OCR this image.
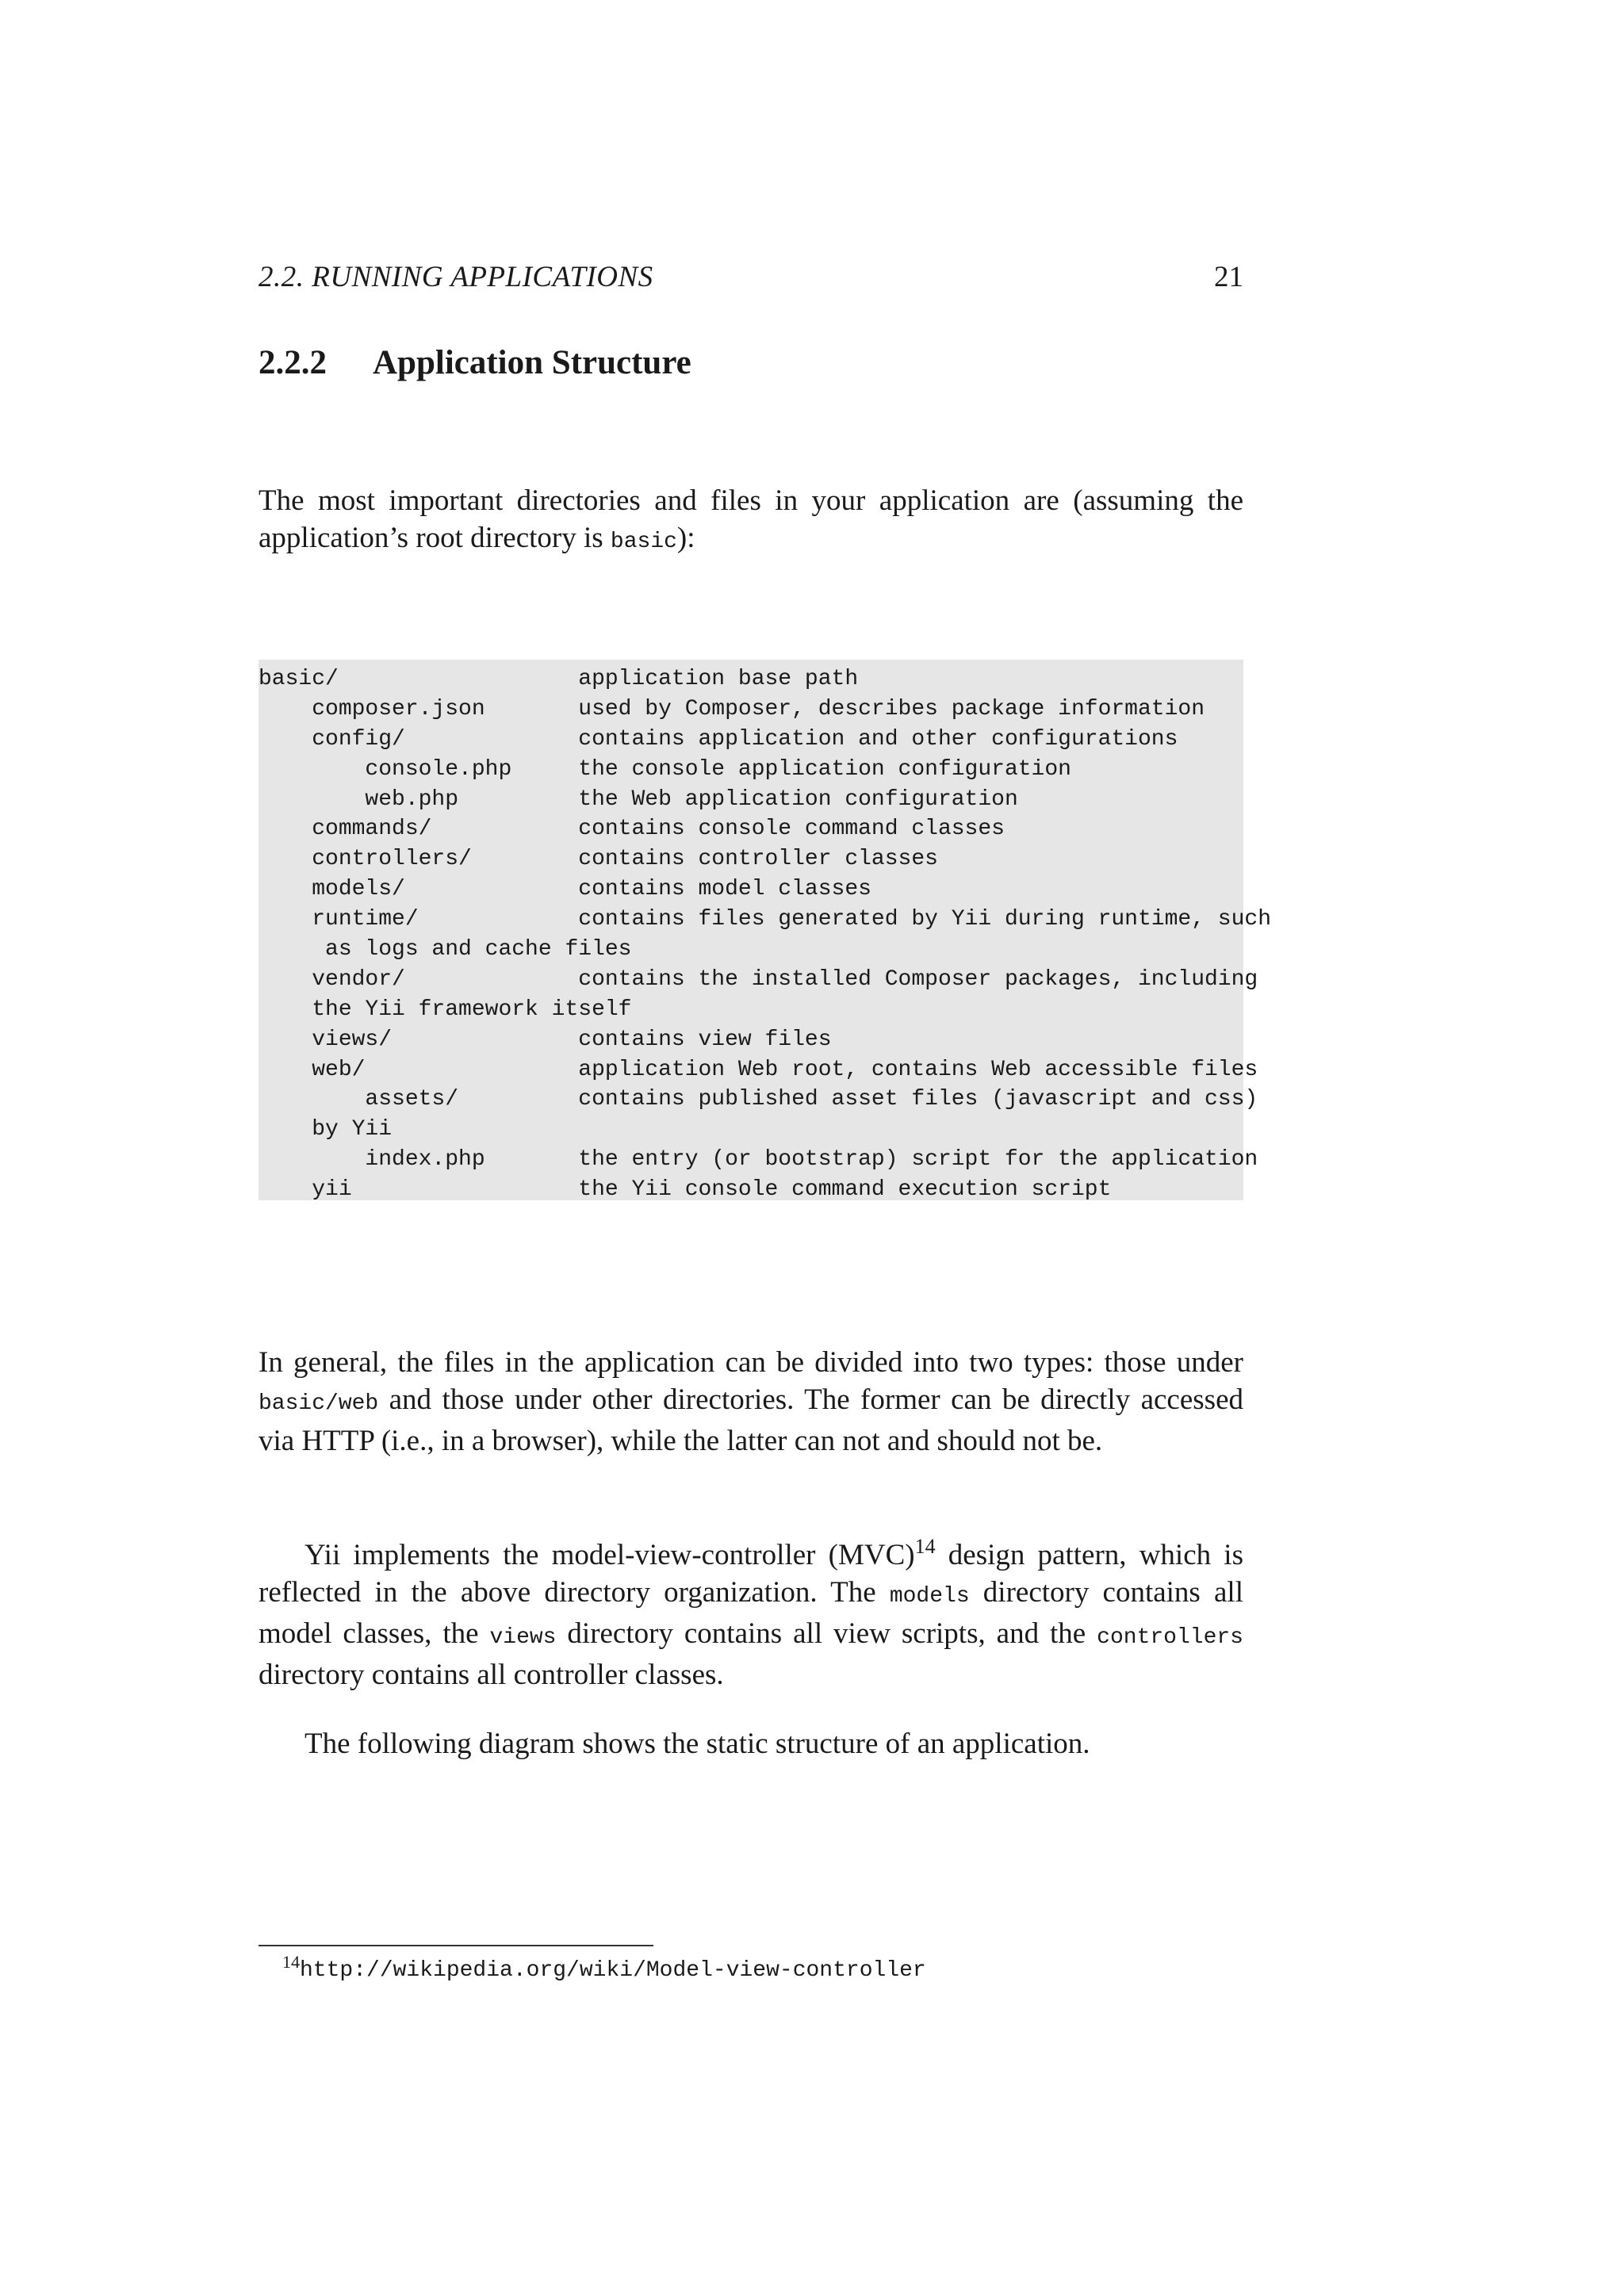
2.2. RUNNING APPLICATIONS	21
2.2.2 Application Structure

The most important directories and files in your application are (assuming the application’s root directory is basic):

basic/                  application base path
composer.json       used by Composer, describes package information
config/             contains application and other configurations
console.php     the console application configuration
web.php         the Web application configuration
commands/           contains console command classes
controllers/        contains controller classes
models/             contains model classes
runtime/            contains files generated by Yii during runtime, such
as logs and cache files
vendor/             contains the installed Composer packages, including
the Yii framework itself
views/              contains view files
web/                application Web root, contains Web accessible files
assets/         contains published asset files (javascript and css)
by Yii
index.php       the entry (or bootstrap) script for the application
yii                 the Yii console command execution script

In general, the files in the application can be divided into two types: those under basic/web and those under other directories. The former can be directly accessed via HTTP (i.e., in a browser), while the latter can not and should not be.

Yii implements the model-view-controller (MVC)$^{14}$ design pattern, which is reflected in the above directory organization. The models directory contains all model classes, the views directory contains all view scripts, and the controllers directory contains all controller classes.

The following diagram shows the static structure of an application.

$^{14}$http://wikipedia.org/wiki/Model-view-controller
